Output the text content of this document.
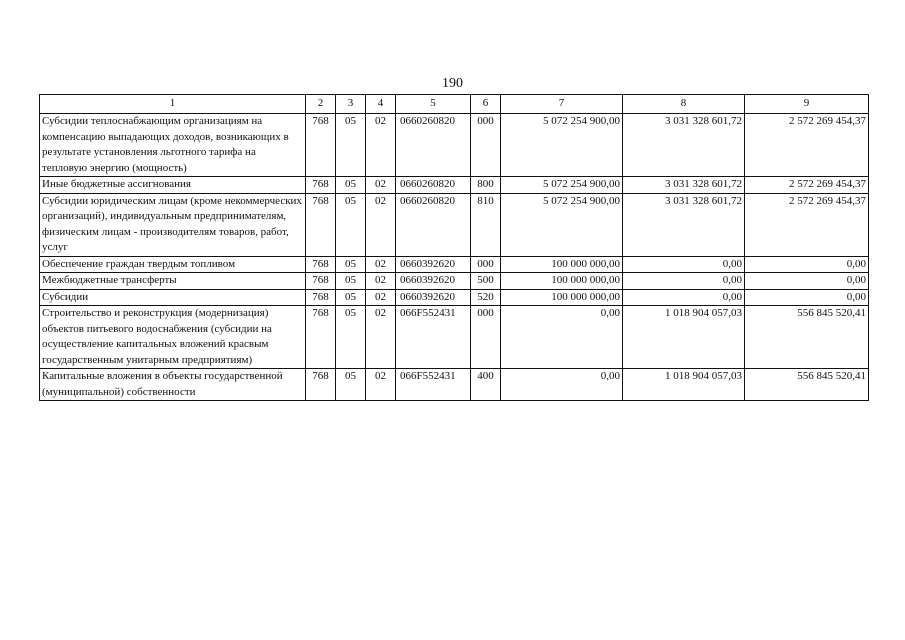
190
1	2	3	4	5	6	7	8	9
Субсидии теплоснабжающим организациям на компенсацию выпадающих доходов, возникающих в результате установления льготного тарифа на тепловую энергию (мощность)	768	05	02	0660260820	000	5 072 254 900,00	3 031 328 601,72	2 572 269 454,37
Иные бюджетные ассигнования	768	05	02	0660260820	800	5 072 254 900,00	3 031 328 601,72	2 572 269 454,37
Субсидии юридическим лицам (кроме некоммерческих организаций), индивидуальным предпринимателям, физическим лицам - производителям товаров, работ, услуг	768	05	02	0660260820	810	5 072 254 900,00	3 031 328 601,72	2 572 269 454,37
Обеспечение граждан твердым топливом	768	05	02	0660392620	000	100 000 000,00	0,00	0,00
Межбюджетные трансферты	768	05	02	0660392620	500	100 000 000,00	0,00	0,00
Субсидии	768	05	02	0660392620	520	100 000 000,00	0,00	0,00
Строительство и реконструкция (модернизация) объектов питьевого водоснабжения (субсидии на осуществление капитальных вложений красвым государственным унитарным предприятиям)	768	05	02	066F552431	000	0,00	1 018 904 057,03	556 845 520,41
Капитальные вложения в объекты государственной (муниципальной) собственности	768	05	02	066F552431	400	0,00	1 018 904 057,03	556 845 520,41
